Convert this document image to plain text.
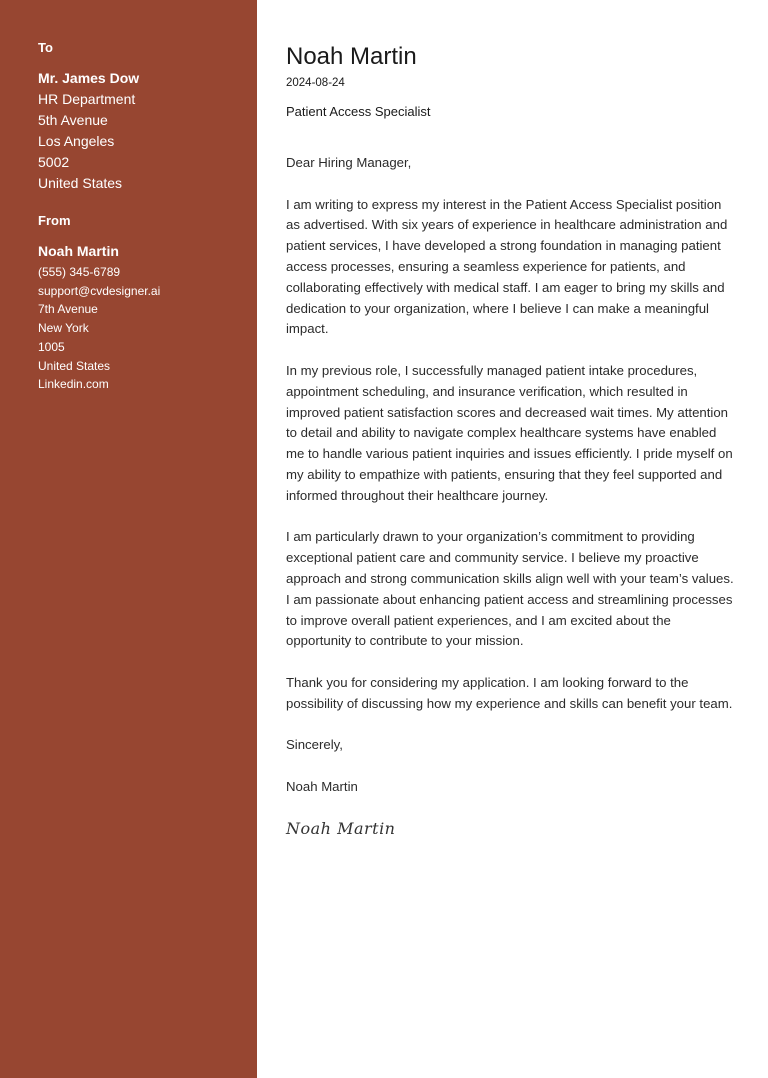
To
Mr. James Dow
HR Department
5th Avenue
Los Angeles
5002
United States
From
Noah Martin
(555) 345-6789
support@cvdesigner.ai
7th Avenue
New York
1005
United States
Linkedin.com
Noah Martin
2024-08-24
Patient Access Specialist

Dear Hiring Manager,

I am writing to express my interest in the Patient Access Specialist position as advertised. With six years of experience in healthcare administration and patient services, I have developed a strong foundation in managing patient access processes, ensuring a seamless experience for patients, and collaborating effectively with medical staff. I am eager to bring my skills and dedication to your organization, where I believe I can make a meaningful impact.

In my previous role, I successfully managed patient intake procedures, appointment scheduling, and insurance verification, which resulted in improved patient satisfaction scores and decreased wait times. My attention to detail and ability to navigate complex healthcare systems have enabled me to handle various patient inquiries and issues efficiently. I pride myself on my ability to empathize with patients, ensuring that they feel supported and informed throughout their healthcare journey.

I am particularly drawn to your organization’s commitment to providing exceptional patient care and community service. I believe my proactive approach and strong communication skills align well with your team’s values. I am passionate about enhancing patient access and streamlining processes to improve overall patient experiences, and I am excited about the opportunity to contribute to your mission.

Thank you for considering my application. I am looking forward to the possibility of discussing how my experience and skills can benefit your team.

Sincerely,

Noah Martin

Noah Martin
